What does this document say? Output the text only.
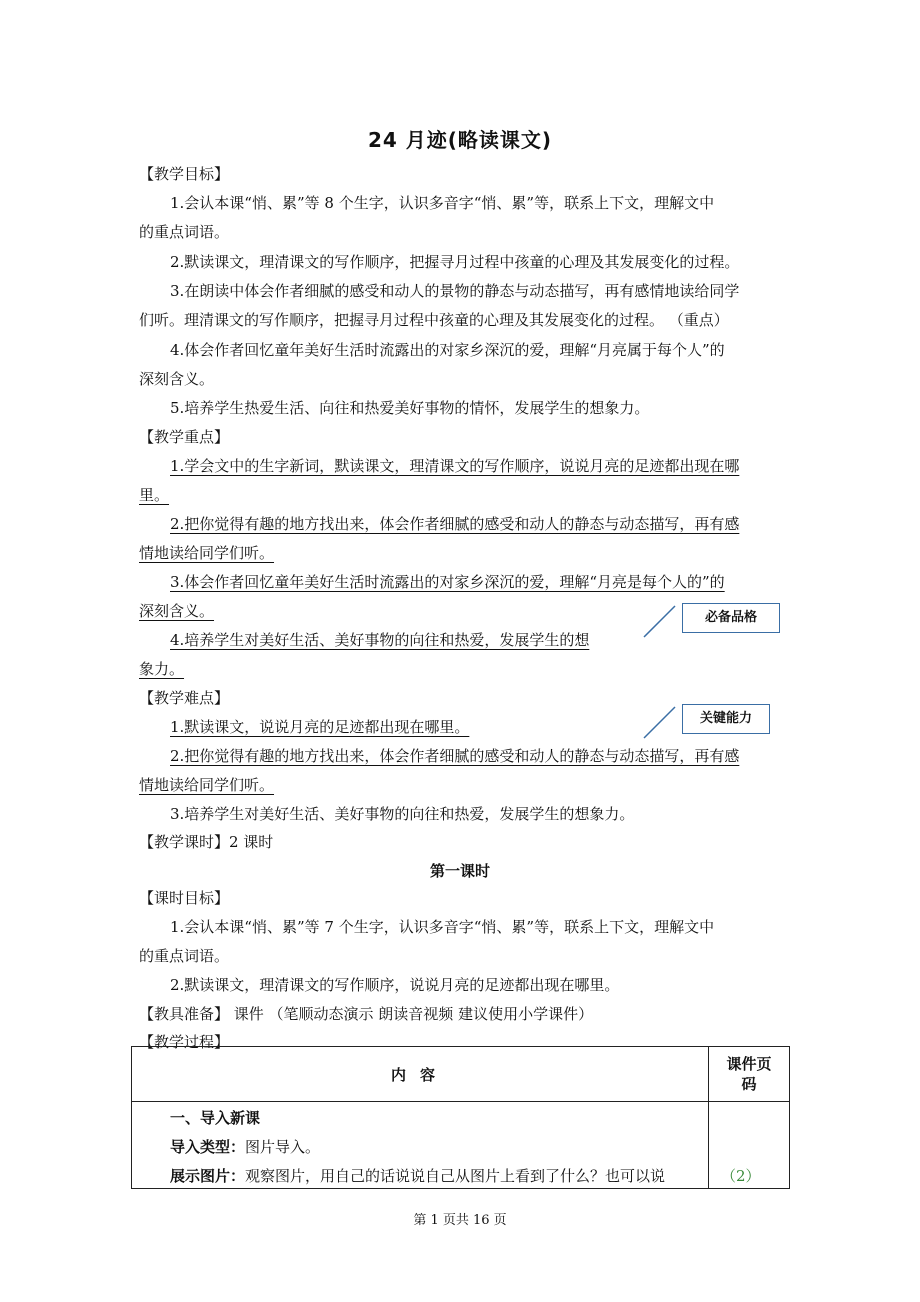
24 月迹(略读课文)
【教学目标】
1.会认本课“悄、累”等 8 个生字，认识多音字“悄、累”等，联系上下文，理解文中
的重点词语。
2.默读课文，理清课文的写作顺序，把握寻月过程中孩童的心理及其发展变化的过程。
3.在朗读中体会作者细腻的感受和动人的景物的静态与动态描写，再有感情地读给同学
们听。理清课文的写作顺序，把握寻月过程中孩童的心理及其发展变化的过程。 （重点）
4.体会作者回忆童年美好生活时流露出的对家乡深沉的爱，理解“月亮属于每个人”的
深刻含义。
5.培养学生热爱生活、向往和热爱美好事物的情怀，发展学生的想象力。
【教学重点】
1.学会文中的生字新词，默读课文，理清课文的写作顺序，说说月亮的足迹都出现在哪
里。
2.把你觉得有趣的地方找出来，体会作者细腻的感受和动人的静态与动态描写，再有感
情地读给同学们听。
3.体会作者回忆童年美好生活时流露出的对家乡深沉的爱，理解“月亮是每个人的”的
深刻含义。
4.培养学生对美好生活、美好事物的向往和热爱，发展学生的想
象力。
【教学难点】
1.默读课文，说说月亮的足迹都出现在哪里。
2.把你觉得有趣的地方找出来，体会作者细腻的感受和动人的静态与动态描写，再有感
情地读给同学们听。
3.培养学生对美好生活、美好事物的向往和热爱，发展学生的想象力。
必备品格
关键能力
【教学课时】2 课时
第一课时
【课时目标】
1.会认本课“悄、累”等 7 个生字，认识多音字“悄、累”等，联系上下文，理解文中
的重点词语。
2.默读课文，理清课文的写作顺序，说说月亮的足迹都出现在哪里。
【教具准备】 课件 （笔顺动态演示 朗读音视频 建议使用小学课件）
【教学过程】
内容	课件页
码

一、导入新课
导入类型：图片导入。
展示图片：观察图片，用自己的话说说自己从图片上看到了什么？也可以说	（2）
第 1 页共 16 页
